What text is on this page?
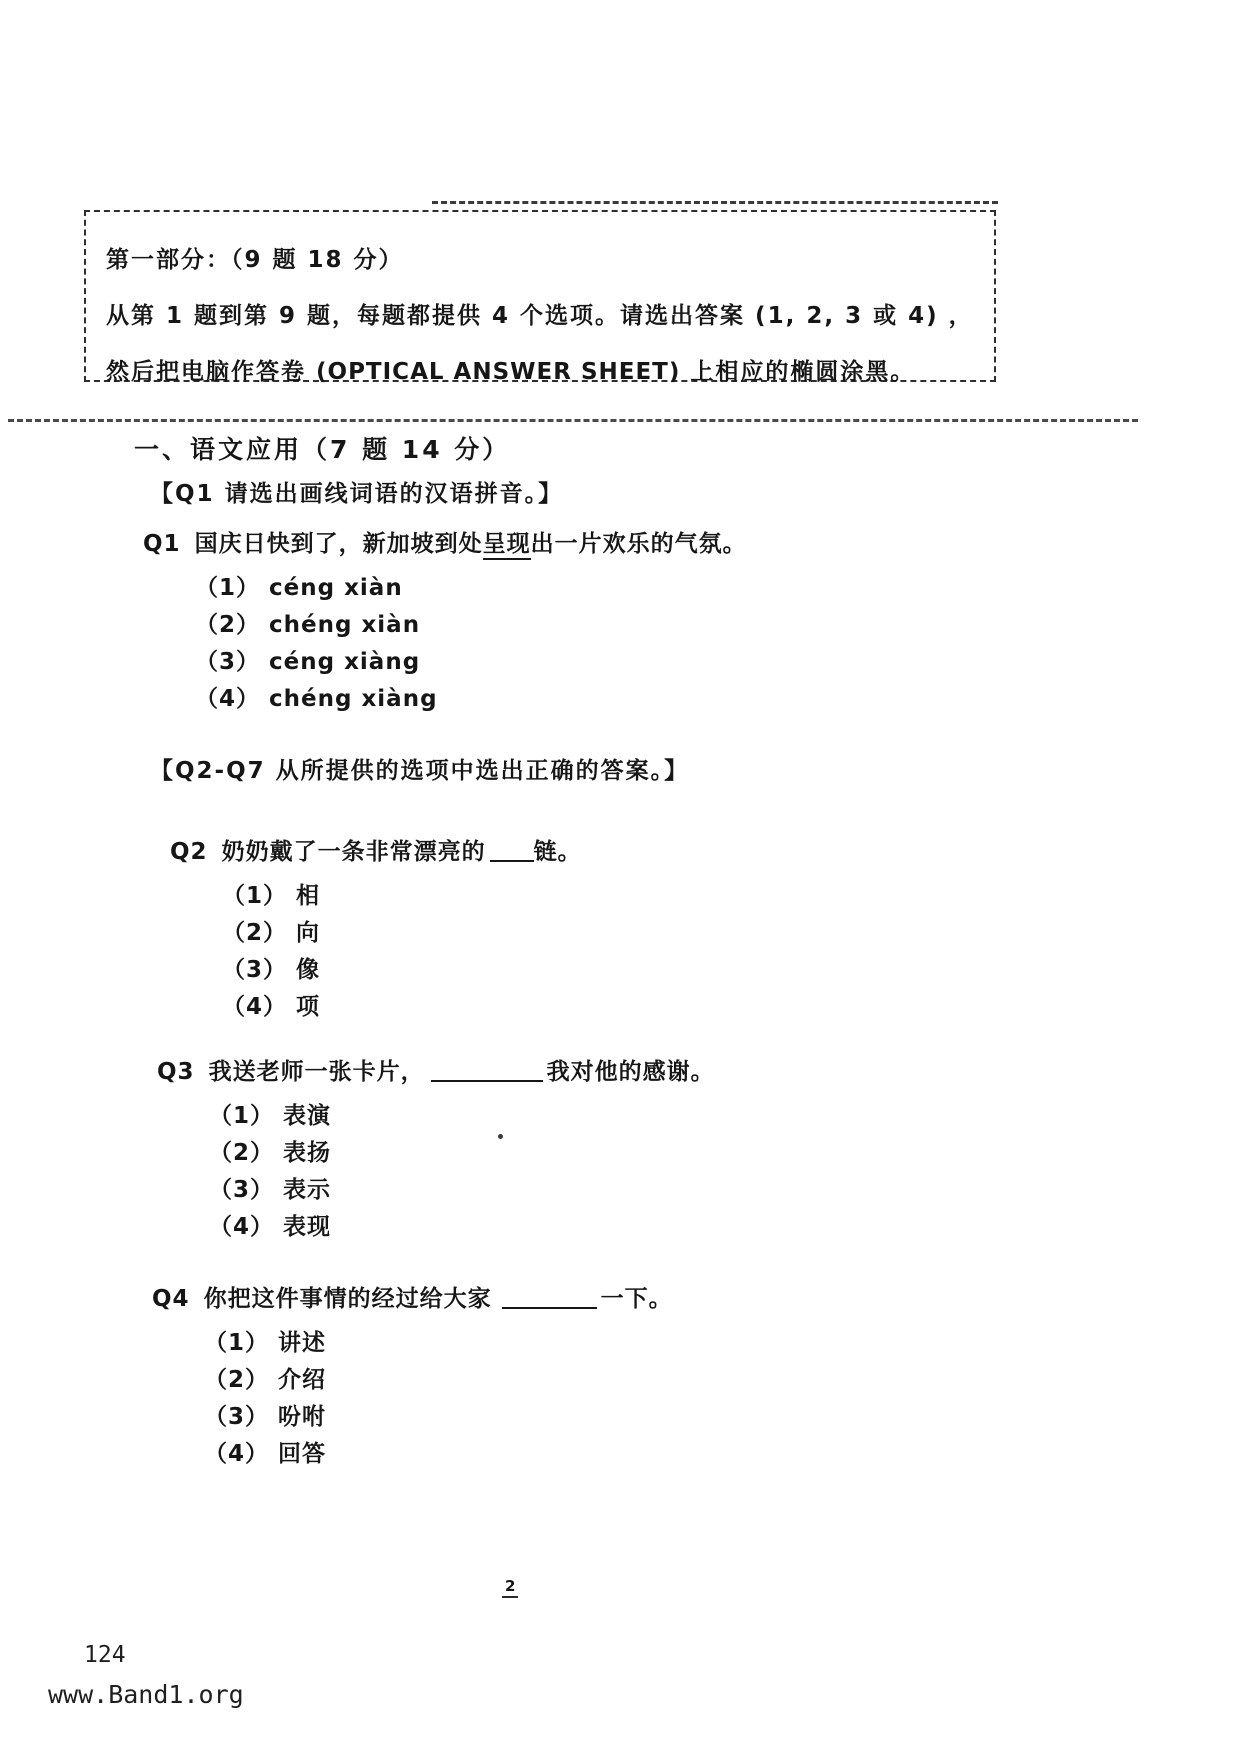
第一部分：（9 题 18 分）
从第 1 题到第 9 题，每题都提供 4 个选项。请选出答案 (1, 2, 3 或 4) ，
然后把电脑作答卷 (OPTICAL ANSWER SHEET) 上相应的椭圆涂黑。
一、语文应用（7 题 14 分）
【Q1 请选出画线词语的汉语拼音。】
Q1 国庆日快到了，新加坡到处呈现出一片欢乐的气氛。
（1） céng xiàn
（2） chéng xiàn
（3） céng xiàng
（4） chéng xiàng
【Q2-Q7 从所提供的选项中选出正确的答案。】
Q2 奶奶戴了一条非常漂亮的 链。
（1） 相
（2） 向
（3） 像
（4） 项
Q3 我送老师一张卡片，	我对他的感谢。
（1） 表演
（2） 表扬
（3） 表示
（4） 表现
Q4 你把这件事情的经过给大家	一下。
（1） 讲述
（2） 介绍
（3） 吩咐
（4） 回答
2
124
www.Band1.org
